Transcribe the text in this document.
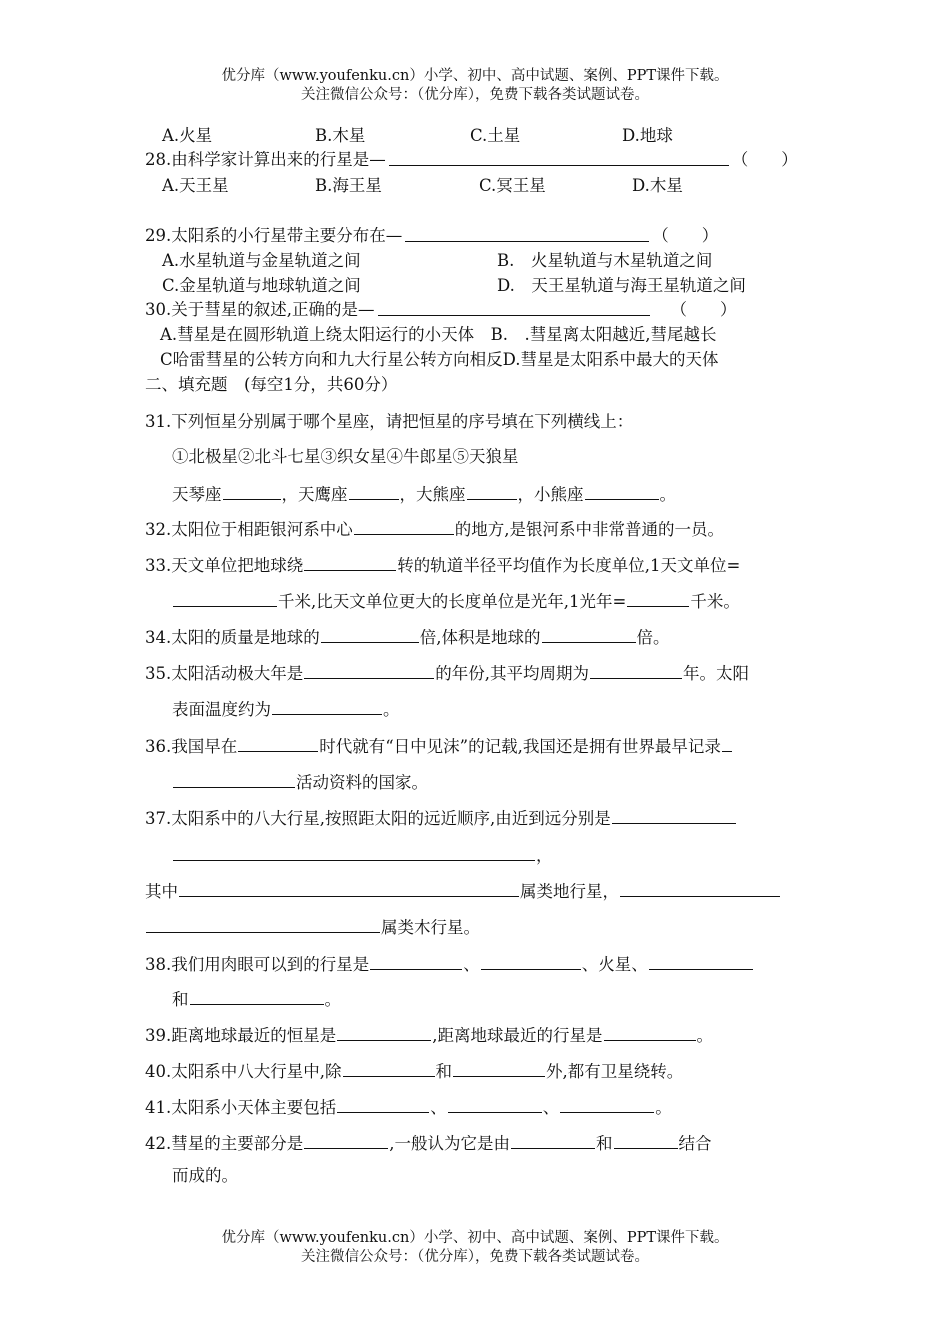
优分库（www.youfenku.cn）小学、初中、高中试题、案例、PPT课件下载。
关注微信公众号：（优分库），免费下载各类试题试卷。
A.火星	B.木星	C.土星	D.地球
28.由科学家计算出来的行星是—	（　　）
A.天王星	B.海王星	C.冥王星	D.木星
29.太阳系的小行星带主要分布在—	（　　）
A.水星轨道与金星轨道之间	B.　火星轨道与木星轨道之间
C.金星轨道与地球轨道之间	D.　天王星轨道与海王星轨道之间
30.关于彗星的叙述,正确的是—	（　　）
A.彗星是在圆形轨道上绕太阳运行的小天体　B.　.彗星离太阳越近,彗尾越长
C哈雷彗星的公转方向和九大行星公转方向相反D.彗星是太阳系中最大的天体
二、填充题　(每空1分，共60分）
31.下列恒星分别属于哪个星座，请把恒星的序号填在下列横线上：
①北极星②北斗七星③织女星④牛郎星⑤天狼星
天琴座	，天鹰座	，大熊座	，小熊座	。
32.太阳位于相距银河系中心	的地方,是银河系中非常普通的一员。
33.天文单位把地球绕	转的轨道半径平均值作为长度单位,1天文单位=
千米,比天文单位更大的长度单位是光年,1光年=	千米。
34.太阳的质量是地球的	倍,体积是地球的	倍。
35.太阳活动极大年是	的年份,其平均周期为	年。太阳
表面温度约为	。
36.我国早在	时代就有“日中见沫”的记载,我国还是拥有世界最早记录
活动资料的国家。
37.太阳系中的八大行星,按照距太阳的远近顺序,由近到远分别是
，
其中	属类地行星，
属类木行星。
38.我们用肉眼可以到的行星是	、	、火星、
和	。
39.距离地球最近的恒星是	,距离地球最近的行星是	。
40.太阳系中八大行星中,除	和	外,都有卫星绕转。
41.太阳系小天体主要包括	、	、	。
42.彗星的主要部分是	,一般认为它是由	和	结合
而成的。
优分库（www.youfenku.cn）小学、初中、高中试题、案例、PPT课件下载。
关注微信公众号：（优分库），免费下载各类试题试卷。
